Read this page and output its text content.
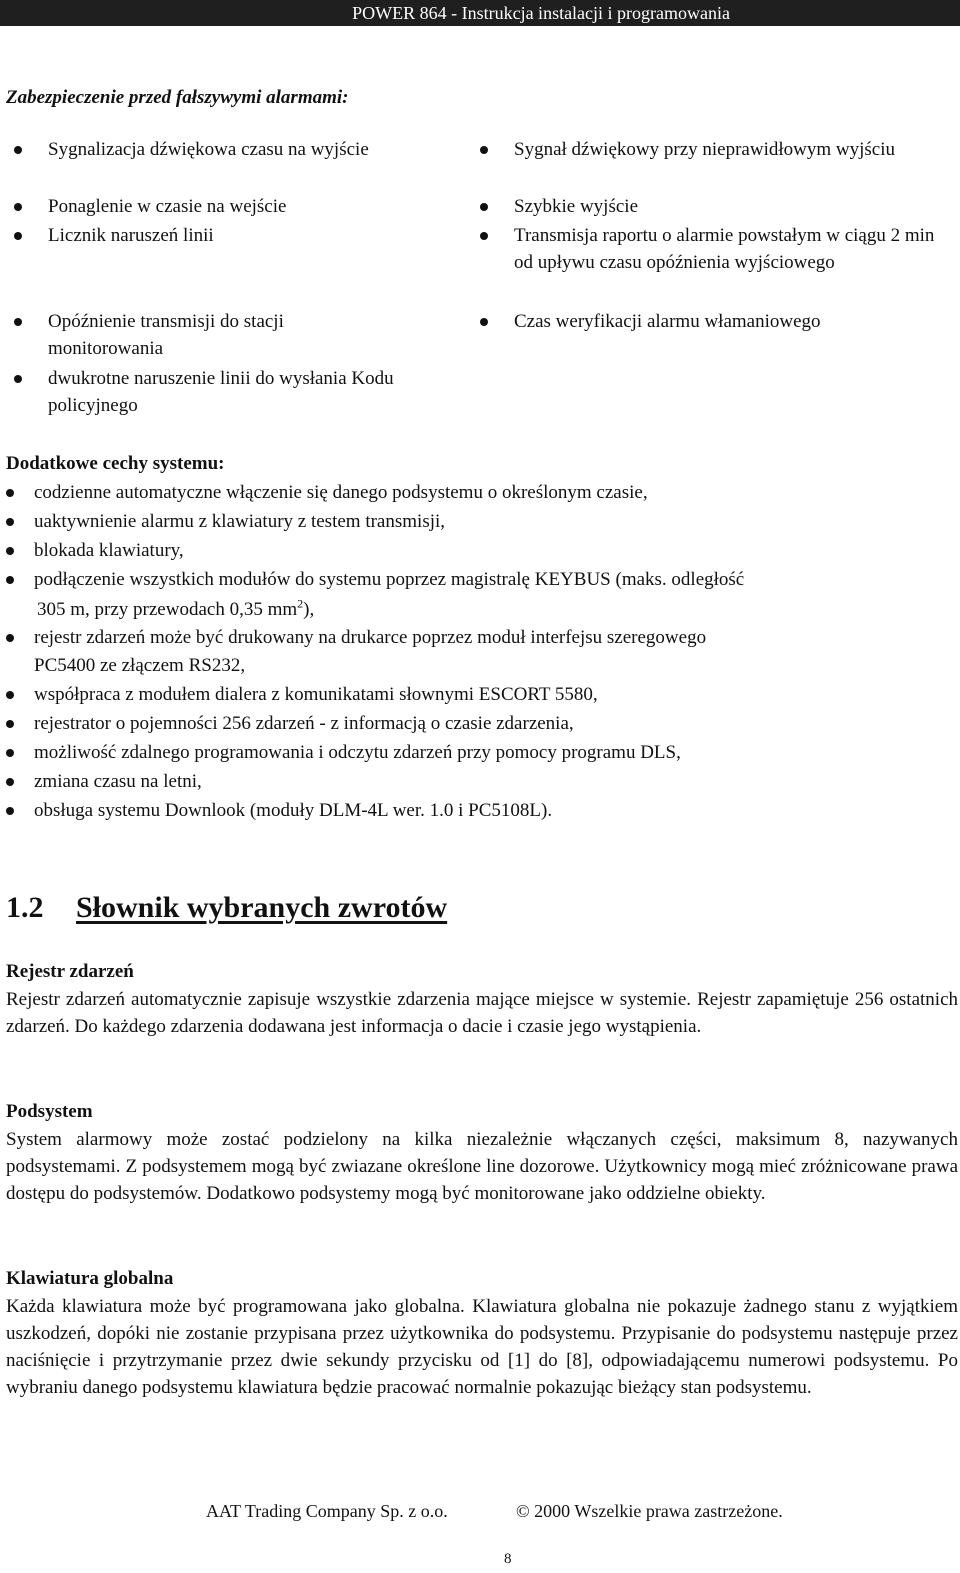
POWER 864 - Instrukcja instalacji i programowania
Zabezpieczenie przed fałszywymi alarmami:
Sygnalizacja dźwiękowa czasu na wyjście
Ponaglenie w czasie na wejście
Licznik naruszeń linii
Opóźnienie transmisji do stacji monitorowania
dwukrotne naruszenie linii do wysłania Kodu policyjnego
Sygnał dźwiękowy przy nieprawidłowym wyjściu
Szybkie wyjście
Transmisja raportu o alarmie powstałym w ciągu 2 min od upływu czasu opóźnienia wyjściowego
Czas weryfikacji alarmu włamaniowego
Dodatkowe cechy systemu:
codzienne automatyczne włączenie się danego podsystemu o określonym czasie,
uaktywnienie alarmu z klawiatury z testem transmisji,
blokada klawiatury,
podłączenie wszystkich modułów do systemu poprzez magistralę KEYBUS (maks. odległość
305 m, przy przewodach 0,35 $mm^2$),
rejestr zdarzeń może być drukowany na drukarce poprzez moduł interfejsu szeregowego
PC5400 ze złączem RS232,
współpraca z modułem dialera z komunikatami słownymi ESCORT 5580,
rejestrator o pojemności 256 zdarzeń - z informacją o czasie zdarzenia,
możliwość zdalnego programowania i odczytu zdarzeń przy pomocy programu DLS,
zmiana czasu na letni,
obsługa systemu Downlook (moduły DLM-4L wer. 1.0 i PC5108L).
1.2 Słownik wybranych zwrotów
Rejestr zdarzeń
Rejestr zdarzeń automatycznie zapisuje wszystkie zdarzenia mające miejsce w systemie. Rejestr zapamiętuje 256 ostatnich zdarzeń. Do każdego zdarzenia dodawana jest informacja o dacie i czasie jego wystąpienia.
Podsystem
System alarmowy może zostać podzielony na kilka niezależnie włączanych części, maksimum 8, nazywanych podsystemami. Z podsystemem mogą być zwiazane określone line dozorowe. Użytkownicy mogą mieć zróżnicowane prawa dostępu do podsystemów. Dodatkowo podsystemy mogą być monitorowane jako oddzielne obiekty.
Klawiatura globalna
Każda klawiatura może być programowana jako globalna. Klawiatura globalna nie pokazuje żadnego stanu z wyjątkiem uszkodzeń, dopóki nie zostanie przypisana przez użytkownika do podsystemu. Przypisanie do podsystemu następuje przez naciśnięcie i przytrzymanie przez dwie sekundy przycisku od [1] do [8], odpowiadającemu numerowi podsystemu. Po wybraniu danego podsystemu klawiatura będzie pracować normalnie pokazując bieżący stan podsystemu.
AAT Trading Company Sp. z o.o.	© 2000 Wszelkie prawa zastrzeżone.
8
